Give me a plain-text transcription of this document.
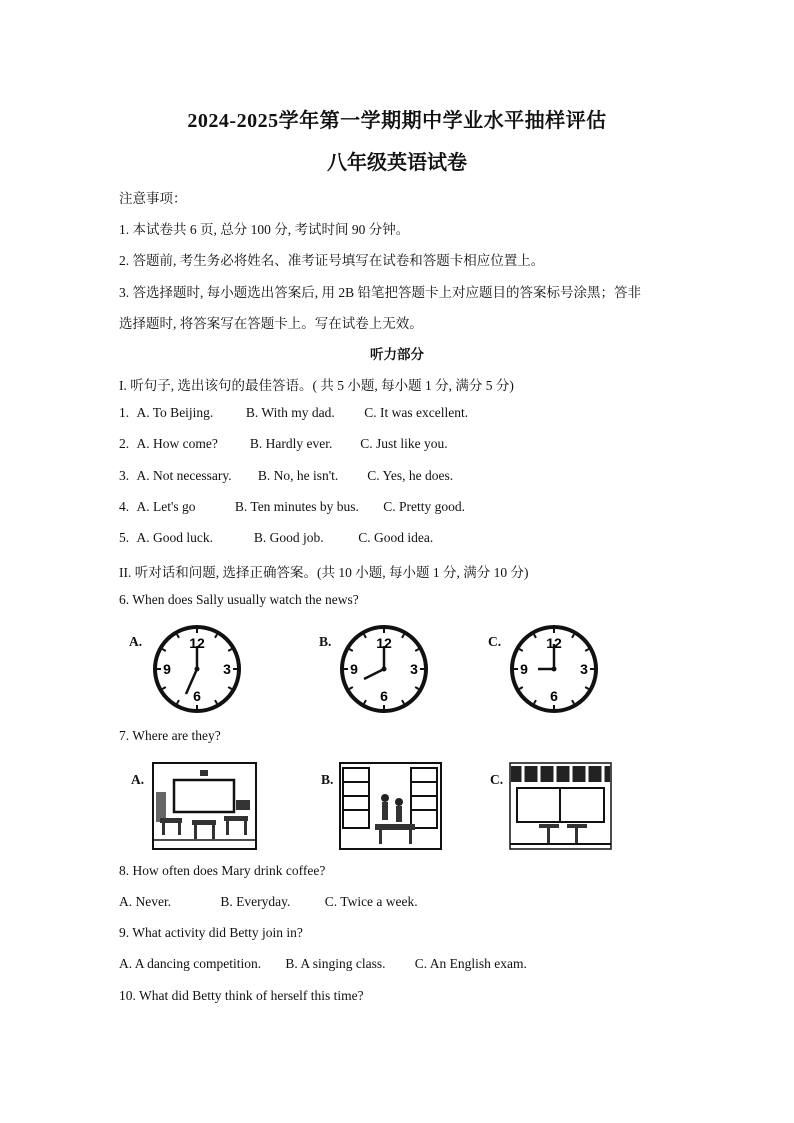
2024-2025学年第一学期期中学业水平抽样评估
八年级英语试卷
注意事项：
1. 本试卷共 6 页, 总分 100 分, 考试时间 90 分钟。
2. 答题前, 考生务必将姓名、准考证号填写在试卷和答题卡相应位置上。
3. 答选择题时, 每小题选出答案后, 用 2B 铅笔把答题卡上对应题目的答案标号涂黑；答非
选择题时, 将答案写在答题卡上。写在试卷上无效。
听力部分
I. 听句子, 选出该句的最佳答语。( 共 5 小题, 每小题 1 分, 满分 5 分)
1. A. To Beijing. B. With my dad. C. It was excellent.
2. A. How come? B. Hardly ever. C. Just like you.
3. A. Not necessary. B. No, he isn't. C. Yes, he does.
4. A. Let's go	B. Ten minutes by bus. C. Pretty good.
5. A. Good luck.	B. Good job.	C. Good idea.
II. 听对话和问题, 选择正确答案。(共 10 小题, 每小题 1 分, 满分 10 分)
6. When does Sally usually watch the news?
A.	12
3
6
9
B.	12
3
6
9
C.	12
3
6
9
7. Where are they?
A.	B.	C.
8. How often does Mary drink coffee?
A. Never.	B. Everyday.	C. Twice a week.
9. What activity did Betty join in?
A. A dancing competition. B. A singing class. C. An English exam.
10. What did Betty think of herself this time?
